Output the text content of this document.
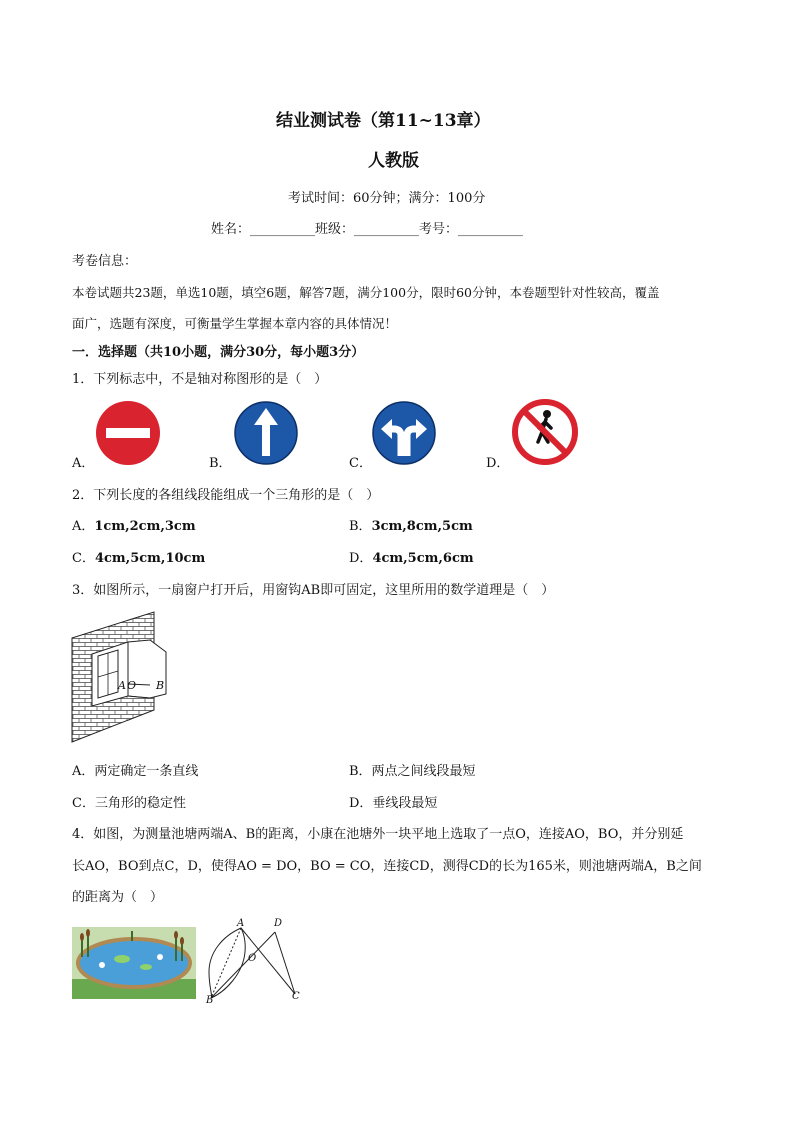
结业测试卷（第11~13章）
人教版
考试时间：60分钟；满分：100分
姓名：__________班级：__________考号：__________
考卷信息：
本卷试题共23题，单选10题，填空6题，解答7题，满分100分，限时60分钟，本卷题型针对性较高，覆盖
面广，选题有深度，可衡量学生掌握本章内容的具体情况！
一．选择题（共10小题，满分30分，每小题3分）
1．下列标志中，不是轴对称图形的是（　）
A．	B．	C．	D．
2．下列长度的各组线段能组成一个三角形的是（　）
A．1cm,2cm,3cm	B．3cm,8cm,5cm
C．4cm,5cm,10cm	D．4cm,5cm,6cm
3．如图所示，一扇窗户打开后，用窗钩AB即可固定，这里所用的数学道理是（　）
A O B
A．两定确定一条直线	B．两点之间线段最短
C．三角形的稳定性	D．垂线段最短
4．如图，为测量池塘两端A、B的距离，小康在池塘外一块平地上选取了一点O，连接AO，BO，并分别延
长AO，BO到点C，D，使得AO = DO，BO = CO，连接CD，测得CD的长为165米，则池塘两端A，B之间
的距离为（　）
A	D
O
B	C
